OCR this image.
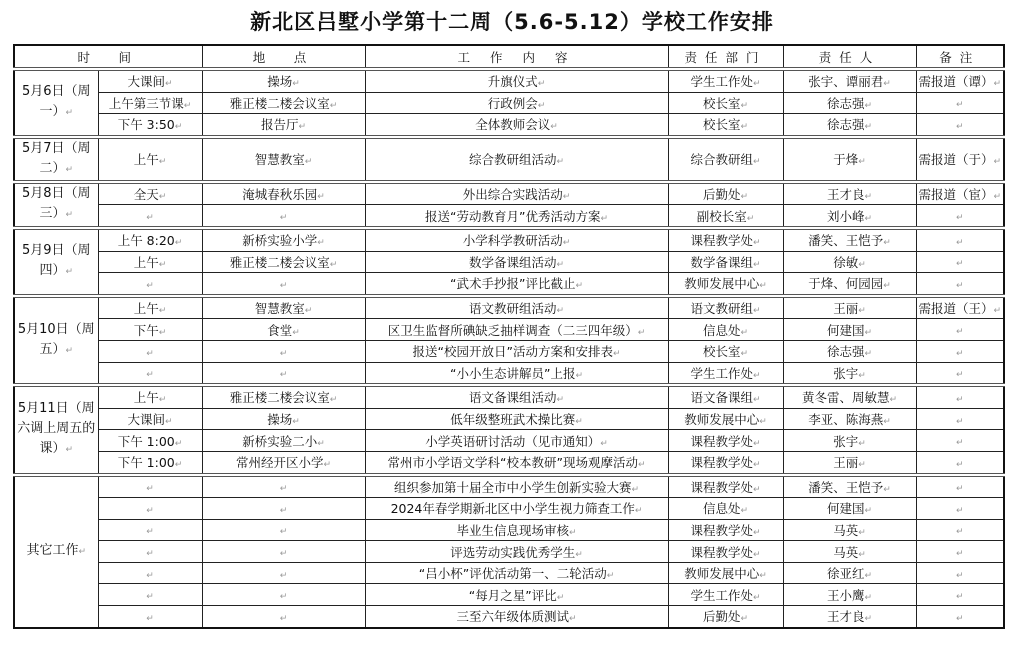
新北区吕墅小学第十二周（5.6-5.12）学校工作安排
时　间		地　点	工 作 内 容	责任部门	责任人	备注
5月6日（周一）↵	大课间↵	操场↵	升旗仪式↵	学生工作处↵	张宇、谭丽君↵	需报道（谭）↵
	上午第三节课↵	雅正楼二楼会议室↵	行政例会↵	校长室↵	徐志强↵	↵
	下午 3:50↵	报告厅↵	全体教师会议↵	校长室↵	徐志强↵	↵
5月7日（周二）↵	上午↵	智慧教室↵	综合教研组活动↵	综合教研组↵	于烽↵	需报道（于）↵
5月8日（周三）↵	全天↵	淹城春秋乐园↵	外出综合实践活动↵	后勤处↵	王才良↵	需报道（宦）↵
	↵	↵	报送“劳动教育月”优秀活动方案↵	副校长室↵	刘小峰↵	↵
5月9日（周四）↵	上午 8:20↵	新桥实验小学↵	小学科学教研活动↵	课程教学处↵	潘笑、王恺予↵	↵
	上午↵	雅正楼二楼会议室↵	数学备课组活动↵	数学备课组↵	徐敏↵	↵
	↵	↵	“武术手抄报”评比截止↵	教师发展中心↵	于烽、何园园↵	↵
5月10日（周五）↵	上午↵	智慧教室↵	语文教研组活动↵	语文教研组↵	王丽↵	需报道（王）↵
	下午↵	食堂↵	区卫生监督所碘缺乏抽样调查（二三四年级）↵	信息处↵	何建国↵	↵
	↵	↵	报送“校园开放日”活动方案和安排表↵	校长室↵	徐志强↵	↵
	↵	↵	“小小生态讲解员”上报↵	学生工作处↵	张宇↵	↵
5月11日（周六调上周五的课）↵	上午↵	雅正楼二楼会议室↵	语文备课组活动↵	语文备课组↵	黄冬雷、周敏慧↵	↵
	大课间↵	操场↵	低年级整班武术操比赛↵	教师发展中心↵	李亚、陈海燕↵	↵
	下午 1:00↵	新桥实验二小↵	小学英语研讨活动（见市通知）↵	课程教学处↵	张宇↵	↵
	下午 1:00↵	常州经开区小学↵	常州市小学语文学科“校本教研”现场观摩活动↵	课程教学处↵	王丽↵	↵
其它工作↵	↵	↵	组织参加第十届全市中小学生创新实验大赛↵	课程教学处↵	潘笑、王恺予↵	↵
	↵	↵	2024年春学期新北区中小学生视力筛查工作↵	信息处↵	何建国↵	↵
	↵	↵	毕业生信息现场审核↵	课程教学处↵	马英↵	↵
	↵	↵	评选劳动实践优秀学生↵	课程教学处↵	马英↵	↵
	↵	↵	“吕小杯”评优活动第一、二轮活动↵	教师发展中心↵	徐亚红↵	↵
	↵	↵	“每月之星”评比↵	学生工作处↵	王小鹰↵	↵
	↵	↵	三至六年级体质测试↵	后勤处↵	王才良↵	↵
